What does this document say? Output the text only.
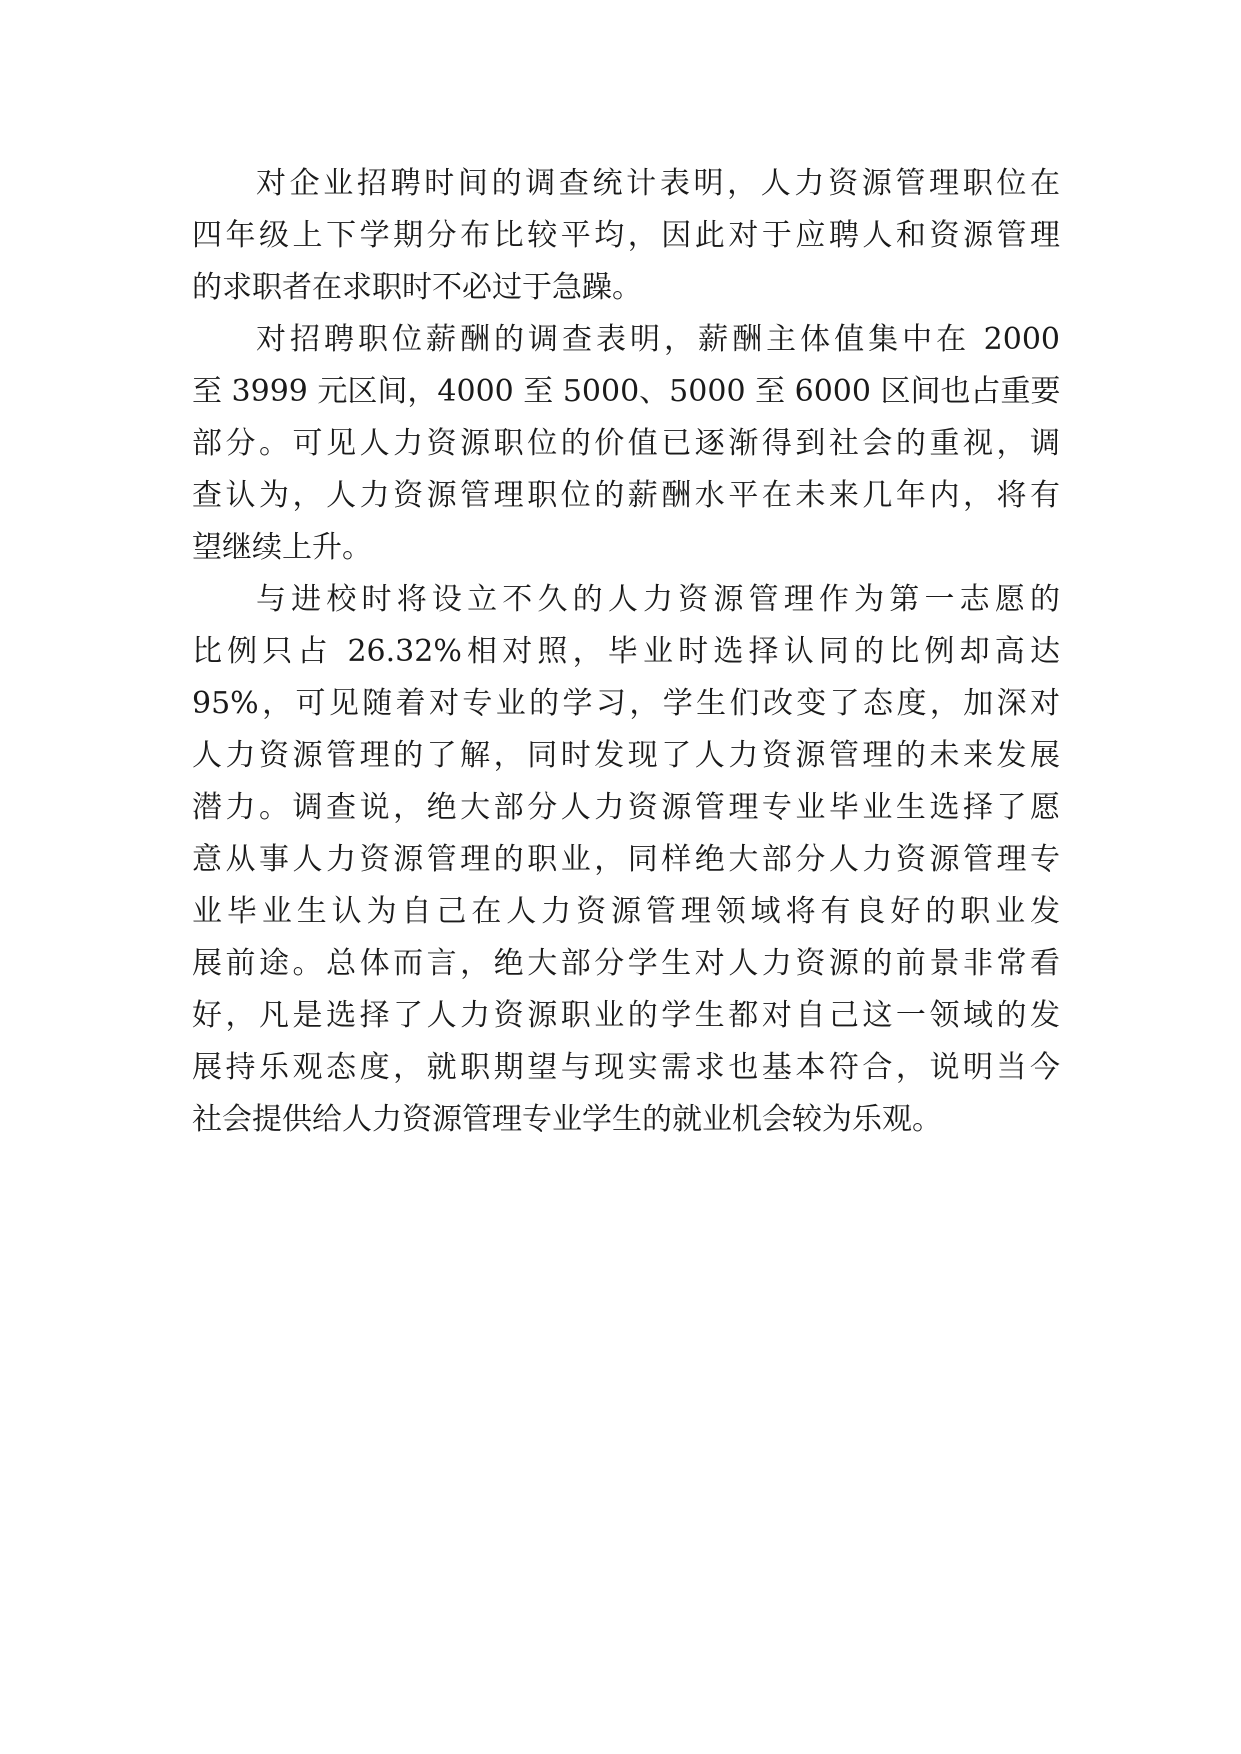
对企业招聘时间的调查统计表明，人力资源管理职位在
四年级上下学期分布比较平均，因此对于应聘人和资源管理
的求职者在求职时不必过于急躁。
对招聘职位薪酬的调查表明，薪酬主体值集中在 2000
至 3999 元区间，4000 至 5000、5000 至 6000 区间也占重要
部分。可见人力资源职位的价值已逐渐得到社会的重视，调
查认为，人力资源管理职位的薪酬水平在未来几年内，将有
望继续上升。
与进校时将设立不久的人力资源管理作为第一志愿的
比例只占 26.32%相对照，毕业时选择认同的比例却高达
95%，可见随着对专业的学习，学生们改变了态度，加深对
人力资源管理的了解，同时发现了人力资源管理的未来发展
潜力。调查说，绝大部分人力资源管理专业毕业生选择了愿
意从事人力资源管理的职业，同样绝大部分人力资源管理专
业毕业生认为自己在人力资源管理领域将有良好的职业发
展前途。总体而言，绝大部分学生对人力资源的前景非常看
好，凡是选择了人力资源职业的学生都对自己这一领域的发
展持乐观态度，就职期望与现实需求也基本符合，说明当今
社会提供给人力资源管理专业学生的就业机会较为乐观。
